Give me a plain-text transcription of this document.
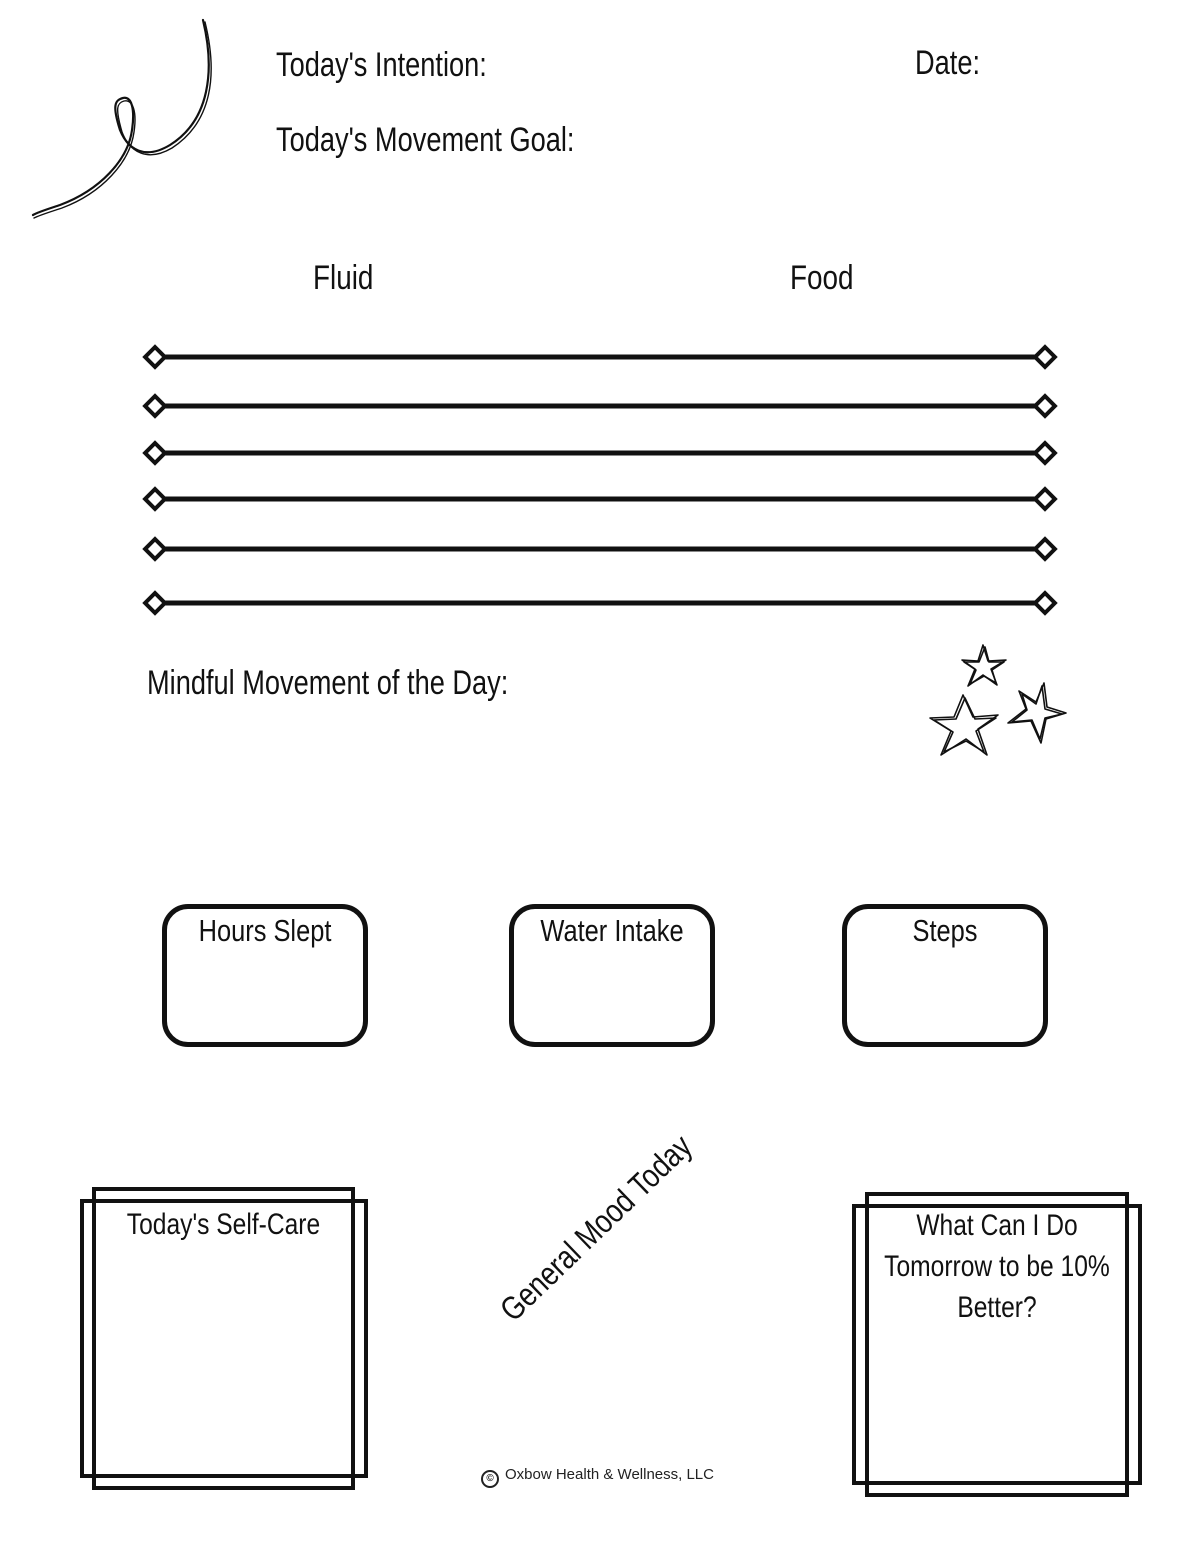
Today's Intention:
Today's Movement Goal:
Date:
Fluid	Food
Mindful Movement of the Day:
Hours Slept	Water Intake	Steps
Today's Self-Care	General Mood Today	What Can I Do
Tomorrow to be 10%
Better?
© Oxbow Health & Wellness, LLC
